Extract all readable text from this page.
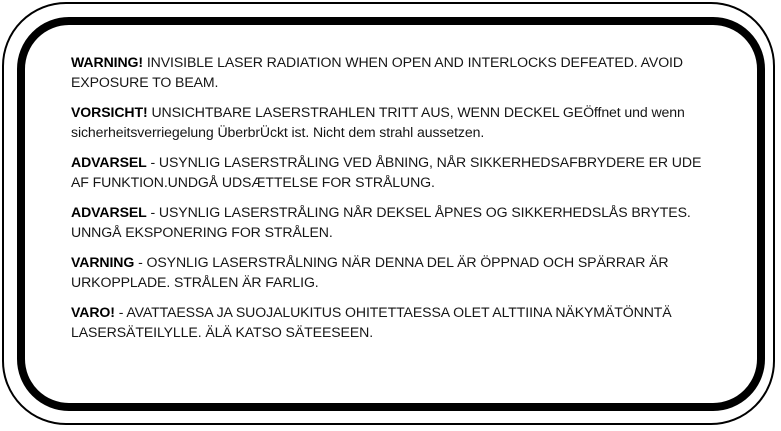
WARNING! INVISIBLE LASER RADIATION WHEN OPEN AND INTERLOCKS DEFEATED. AVOID EXPOSURE TO BEAM.

VORSICHT! UNSICHTBARE LASERSTRAHLEN TRITT AUS, WENN DECKEL GEÖffnet und wenn sicherheitsverriegelung ÜberbrÜckt ist. Nicht dem strahl aussetzen.

ADVARSEL - USYNLIG LASERSTRÅLING VED ÅBNING, NÅR SIKKERHEDSAFBRYDERE ER UDE AF FUNKTION.UNDGÅ UDSÆTTELSE FOR STRÅLUNG.

ADVARSEL - USYNLIG LASERSTRÅLING NÅR DEKSEL ÅPNES OG SIKKERHEDSLÅS BRYTES. UNNGÅ EKSPONERING FOR STRÅLEN.

VARNING - OSYNLIG LASERSTRÅLNING NÄR DENNA DEL ÄR ÖPPNAD OCH SPÄRRAR ÄR URKOPPLADE. STRÅLEN ÄR FARLIG.

VARO! - AVATTAESSA JA SUOJALUKITUS OHITETTAESSA OLET ALTTIINA NÄKYMÄTÖNNTÄ LASERSÄTEILYLLE. ÄLÄ KATSO SÄTEESEEN.
